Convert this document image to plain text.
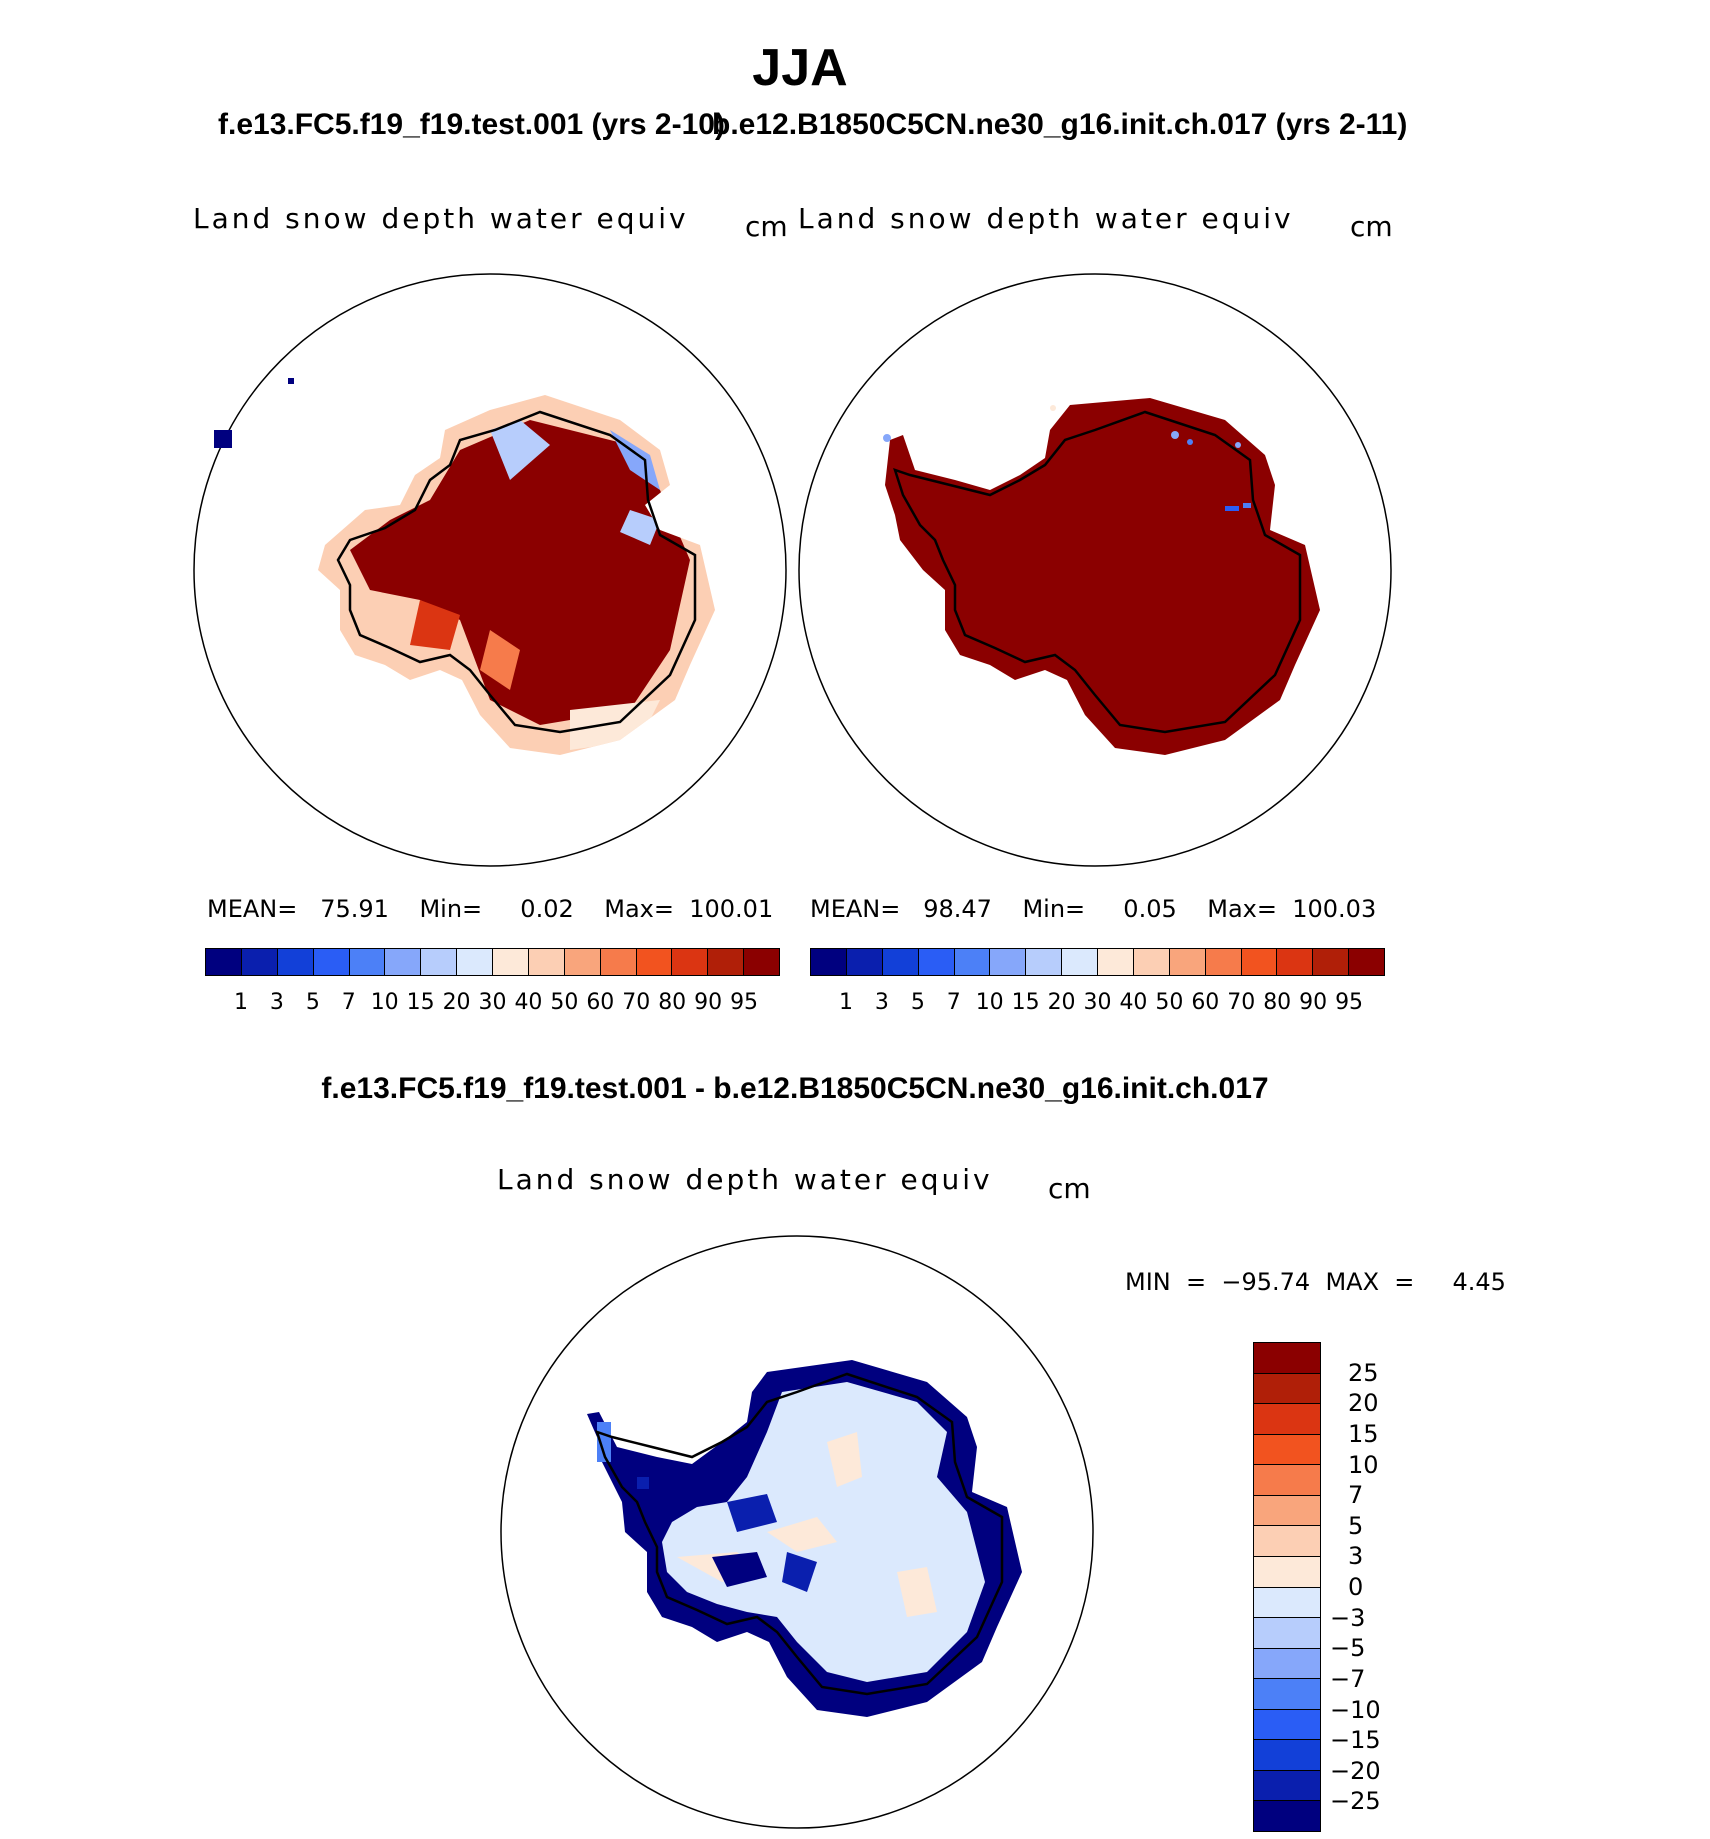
JJA
f.e13.FC5.f19_f19.test.001 (yrs 2-10)
b.e12.B1850C5CN.ne30_g16.init.ch.017 (yrs 2-11)
Land snow depth water equiv cm Land snow depth water equiv cm
MEAN=   75.91    Min=     0.02    Max=  100.01 MEAN=   98.47    Min=     0.05    Max=  100.03
1 3 5 7 10 15 20 30 40 50 60 70 80 90 95	1 3 5 7 10 15 20 30 40 50 60 70 80 90 95
f.e13.FC5.f19_f19.test.001 - b.e12.B1850C5CN.ne30_g16.init.ch.017
Land snow depth water equiv cm
MIN  =  −95.74  MAX  =     4.45
25
20
15
10
7
5
3
0
−3
−5
−7
−10
−15
−20
−25
